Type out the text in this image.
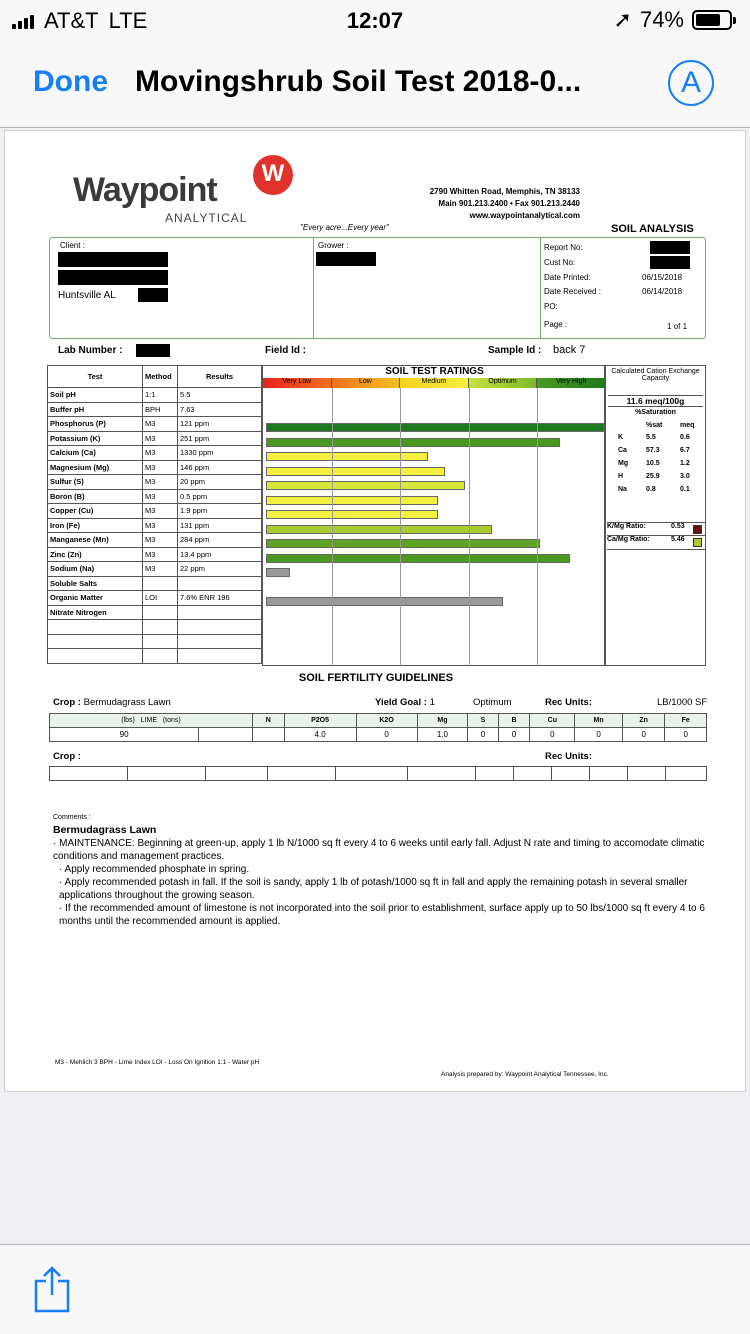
AT&T LTE	12:07	➚ 74%
Done Movingshrub Soil Test 2018-0...	A
Waypoint
ANALYTICAL
W
2790 Whitten Road, Memphis, TN 38133
Main 901.213.2400 • Fax 901.213.2440
www.waypointanalytical.com
"Every acre...Every year"	SOIL ANALYSIS
Client :
Huntsville AL
Grower :	Report No:
Cust No:
Date Printed:	06/15/2018
Date Received :	06/14/2018
PO:
Page :	1 of 1
Lab Number :	Field Id :	Sample Id : back 7
Test	Method	Results
Soil pH	1:1	5.5
Buffer pH	BPH	7.63
Phosphorus (P)	M3	121 ppm
Potassium (K)	M3	251 ppm
Calcium (Ca)	M3	1330 ppm
Magnesium (Mg)	M3	146 ppm
Sulfur (S)	M3	20 ppm
Boron (B)	M3	0.5 ppm
Copper (Cu)	M3	1.9 ppm
Iron (Fe)	M3	131 ppm
Manganese (Mn)	M3	284 ppm
Zinc (Zn)	M3	13.4 ppm
Sodium (Na)	M3	22 ppm
Soluble Salts		
Organic Matter	LOI	7.6% ENR 196
Nitrate Nitrogen		

SOIL TEST RATINGS
Very Low	Low	Medium	Optimum	Very High
Calculated Cation Exchange Capacity
11.6 meq/100g
%Saturation
%sat	meq
K	5.5	0.6
Ca	57.3	6.7
Mg	10.5	1.2
H	25.9	3.0
Na	0.8	0.1
K/Mg Ratio:	0.53
Ca/Mg Ratio:	5.46
SOIL FERTILITY GUIDELINES
Crop : Bermudagrass Lawn	Yield Goal : 1	Optimum	Rec Units:	LB/1000 SF
(lbs) LIME (tons)		N	P2O5	K2O	Mg	S	B	Cu	Mn	Zn	Fe
90			4.0	0	1.0	0	0	0	0	0	0
Crop :	Rec Units:

Comments :
Bermudagrass Lawn
· MAINTENANCE: Beginning at green-up, apply 1 lb N/1000 sq ft every 4 to 6 weeks until early fall. Adjust N rate and timing to accomodate climatic conditions and management practices.
· Apply recommended phosphate in spring.
· Apply recommended potash in fall. If the soil is sandy, apply 1 lb of potash/1000 sq ft in fall and apply the remaining potash in several smaller applications throughout the growing season.
· If the recommended amount of limestone is not incorporated into the soil prior to establishment, surface apply up to 50 lbs/1000 sq ft every 4 to 6 months until the recommended amount is applied.
M3 - Mehlich 3 BPH - Lime Index LOI - Loss On Ignition 1:1 - Water pH
Analysis prepared by: Waypoint Analytical Tennessee, Inc.
